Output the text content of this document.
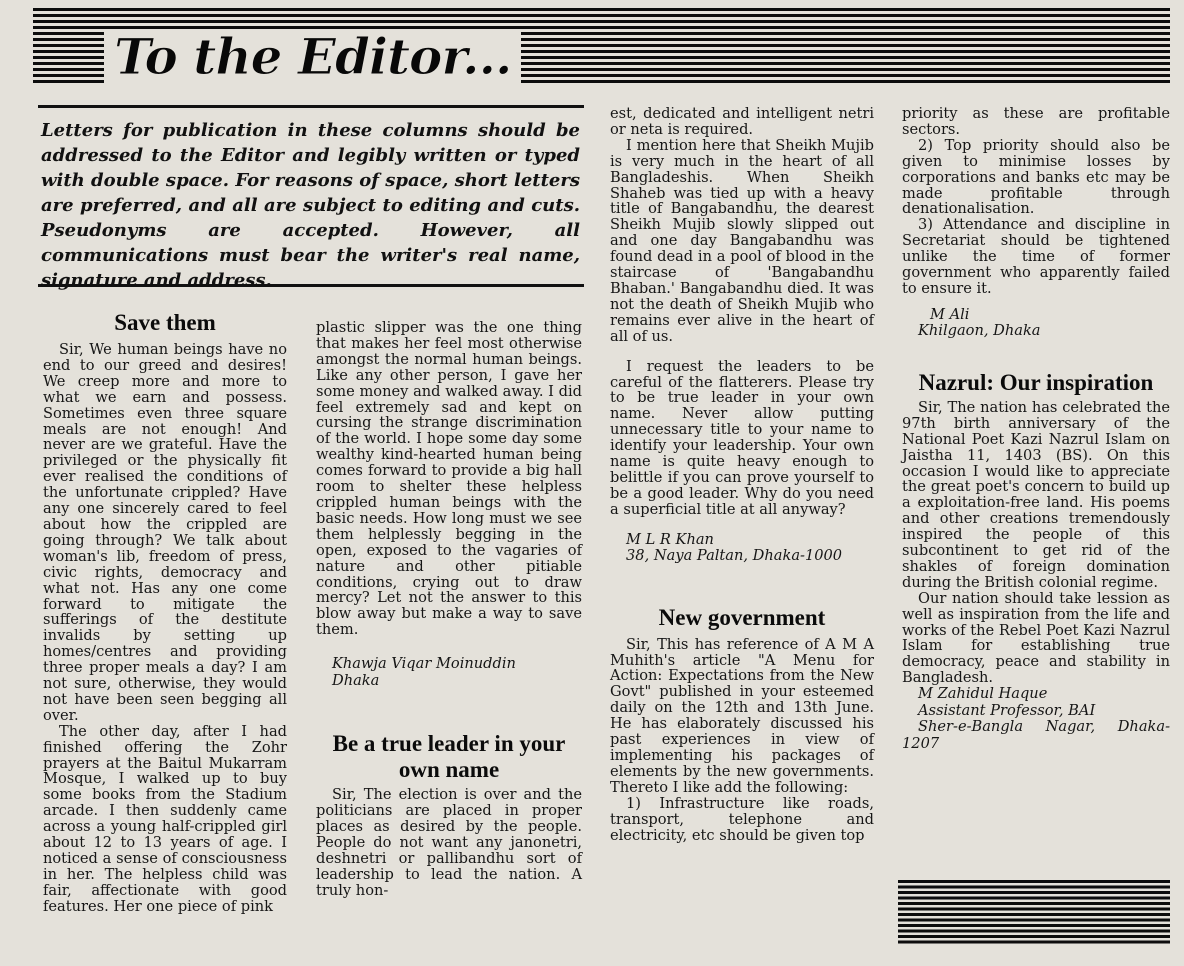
To the Editor...
Letters for publication in these columns should be addressed to the Editor and legibly written or typed with double space. For reasons of space, short letters are preferred, and all are subject to editing and cuts. Pseudonyms are accepted. However, all communications must bear the writer's real name, signature and address.
Save them

Sir, We human beings have no end to our greed and desires! We creep more and more to what we earn and possess. Sometimes even three square meals are not enough! And never are we grateful. Have the privileged or the physically fit ever realised the conditions of the unfortunate crippled? Have any one sincerely cared to feel about how the crippled are going through? We talk about woman's lib, freedom of press, civic rights, democracy and what not. Has any one come forward to mitigate the sufferings of the destitute invalids by setting up homes/centres and providing three proper meals a day? I am not sure, otherwise, they would not have been seen begging all over.

The other day, after I had finished offering the Zohr prayers at the Baitul Mukarram Mosque, I walked up to buy some books from the Stadium arcade. I then suddenly came across a young half-crippled girl about 12 to 13 years of age. I noticed a sense of consciousness in her. The helpless child was fair, affectionate with good features. Her one piece of pink

plastic slipper was the one thing that makes her feel most otherwise amongst the normal human beings. Like any other person, I gave her some money and walked away. I did feel extremely sad and kept on cursing the strange discrimination of the world. I hope some day some wealthy kind-hearted human being comes forward to provide a big hall room to shelter these helpless crippled human beings with the basic needs. How long must we see them helplessly begging in the open, exposed to the vagaries of nature and other pitiable conditions, crying out to draw mercy? Let not the answer to this blow away but make a way to save them.

Khawja Viqar Moinuddin

Dhaka

Be a true leader in your own name

Sir, The election is over and the politicians are placed in proper places as desired by the people. People do not want any janonetri, deshnetri or pallibandhu sort of leadership to lead the nation. A truly hon-

est, dedicated and intelligent netri or neta is required.

I mention here that Sheikh Mujib is very much in the heart of all Bangladeshis. When Sheikh Shaheb was tied up with a heavy title of Bangabandhu, the dearest Sheikh Mujib slowly slipped out and one day Bangabandhu was found dead in a pool of blood in the staircase of 'Bangabandhu Bhaban.' Bangabandhu died. It was not the death of Sheikh Mujib who remains ever alive in the heart of all of us.

I request the leaders to be careful of the flatterers. Please try to be true leader in your own name. Never allow putting unnecessary title to your name to identify your leadership. Your own name is quite heavy enough to belittle if you can prove yourself to be a good leader. Why do you need a superficial title at all anyway?

M L R Khan

38, Naya Paltan, Dhaka-1000

New government

Sir, This has reference of A M A Muhith's article "A Menu for Action: Expectations from the New Govt" published in your esteemed daily on the 12th and 13th June. He has elaborately discussed his past experiences in view of implementing his packages of elements by the new governments. Thereto I like add the following:

1) Infrastructure like roads, transport, telephone and electricity, etc should be given top

priority as these are profitable sectors.

2) Top priority should also be given to minimise losses by corporations and banks etc may be made profitable through denationalisation.

3) Attendance and discipline in Secretariat should be tightened unlike the time of former government who apparently failed to ensure it.

M Ali

Khilgaon, Dhaka

Nazrul: Our inspiration

Sir, The nation has celebrated the 97th birth anniversary of the National Poet Kazi Nazrul Islam on Jaistha 11, 1403 (BS). On this occasion I would like to appreciate the great poet's concern to build up a exploitation-free land. His poems and other creations tremendously inspired the people of this subcontinent to get rid of the shakles of foreign domination during the British colonial regime.

Our nation should take lession as well as inspiration from the life and works of the Rebel Poet Kazi Nazrul Islam for establishing true democracy, peace and stability in Bangladesh.

M Zahidul Haque

Assistant Professor, BAI

Sher-e-Bangla Nagar, Dhaka-1207
